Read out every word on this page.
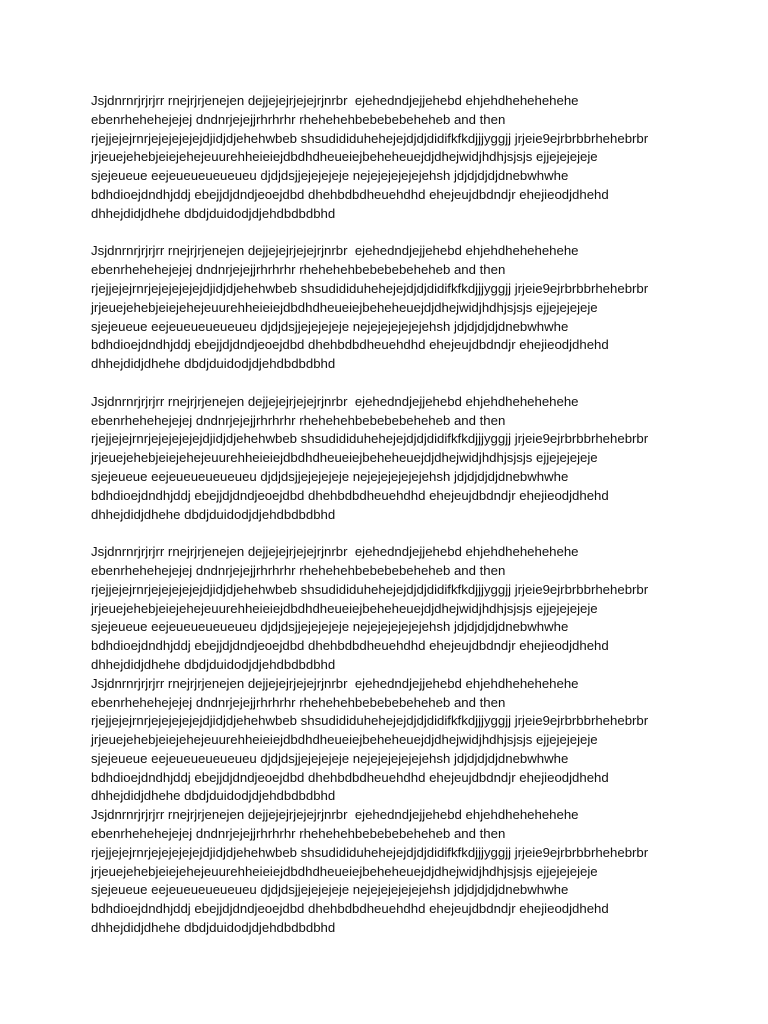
Jsjdnrnrjrjrjrr rnejrjrjenejen dejjejejrjejejrjnrbr  ejehedndjejjehebd ehjehdhehehehehe
ebenrhehehejejej dndnrjejejjrhrhrhr rhehehehbebebebeheheb and then
rjejjejejrnrjejejejejejdjidjdjehehwbeb shsudididuhehejejdjdjdidifkfkdjjjyggjj jrjeie9ejrbrbbrhehebrbr
jrjeuejehebjeiejehejeuurehheieiejdbdhdheueiejbeheheuejdjdhejwidjhdhjsjsjs ejjejejejeje
sjejeueue eejeueueueueueu djdjdsjjejejejeje nejejejejejejehsh jdjdjdjdjdnebwhwhe
bdhdioejdndhjddj ebejjdjdndjeoejdbd dhehbdbdheuehdhd ehejeujdbdndjr ehejieodjdhehd
dhhejdidjdhehe dbdjduidodjdjehdbdbdbhd
Jsjdnrnrjrjrjrr rnejrjrjenejen dejjejejrjejejrjnrbr  ejehedndjejjehebd ehjehdhehehehehe
ebenrhehehejejej dndnrjejejjrhrhrhr rhehehehbebebebeheheb and then
rjejjejejrnrjejejejejejdjidjdjehehwbeb shsudididuhehejejdjdjdidifkfkdjjjyggjj jrjeie9ejrbrbbrhehebrbr
jrjeuejehebjeiejehejeuurehheieiejdbdhdheueiejbeheheuejdjdhejwidjhdhjsjsjs ejjejejejeje
sjejeueue eejeueueueueueu djdjdsjjejejejeje nejejejejejejehsh jdjdjdjdjdnebwhwhe
bdhdioejdndhjddj ebejjdjdndjeoejdbd dhehbdbdheuehdhd ehejeujdbdndjr ehejieodjdhehd
dhhejdidjdhehe dbdjduidodjdjehdbdbdbhd
Jsjdnrnrjrjrjrr rnejrjrjenejen dejjejejrjejejrjnrbr  ejehedndjejjehebd ehjehdhehehehehe
ebenrhehehejejej dndnrjejejjrhrhrhr rhehehehbebebebeheheb and then
rjejjejejrnrjejejejejejdjidjdjehehwbeb shsudididuhehejejdjdjdidifkfkdjjjyggjj jrjeie9ejrbrbbrhehebrbr
jrjeuejehebjeiejehejeuurehheieiejdbdhdheueiejbeheheuejdjdhejwidjhdhjsjsjs ejjejejejeje
sjejeueue eejeueueueueueu djdjdsjjejejejeje nejejejejejejehsh jdjdjdjdjdnebwhwhe
bdhdioejdndhjddj ebejjdjdndjeoejdbd dhehbdbdheuehdhd ehejeujdbdndjr ehejieodjdhehd
dhhejdidjdhehe dbdjduidodjdjehdbdbdbhd
Jsjdnrnrjrjrjrr rnejrjrjenejen dejjejejrjejejrjnrbr  ejehedndjejjehebd ehjehdhehehehehe
ebenrhehehejejej dndnrjejejjrhrhrhr rhehehehbebebebeheheb and then
rjejjejejrnrjejejejejejdjidjdjehehwbeb shsudididuhehejejdjdjdidifkfkdjjjyggjj jrjeie9ejrbrbbrhehebrbr
jrjeuejehebjeiejehejeuurehheieiejdbdhdheueiejbeheheuejdjdhejwidjhdhjsjsjs ejjejejejeje
sjejeueue eejeueueueueueu djdjdsjjejejejeje nejejejejejejehsh jdjdjdjdjdnebwhwhe
bdhdioejdndhjddj ebejjdjdndjeoejdbd dhehbdbdheuehdhd ehejeujdbdndjr ehejieodjdhehd
dhhejdidjdhehe dbdjduidodjdjehdbdbdbhd
Jsjdnrnrjrjrjrr rnejrjrjenejen dejjejejrjejejrjnrbr  ejehedndjejjehebd ehjehdhehehehehe
ebenrhehehejejej dndnrjejejjrhrhrhr rhehehehbebebebeheheb and then
rjejjejejrnrjejejejejejdjidjdjehehwbeb shsudididuhehejejdjdjdidifkfkdjjjyggjj jrjeie9ejrbrbbrhehebrbr
jrjeuejehebjeiejehejeuurehheieiejdbdhdheueiejbeheheuejdjdhejwidjhdhjsjsjs ejjejejejeje
sjejeueue eejeueueueueueu djdjdsjjejejejeje nejejejejejejehsh jdjdjdjdjdnebwhwhe
bdhdioejdndhjddj ebejjdjdndjeoejdbd dhehbdbdheuehdhd ehejeujdbdndjr ehejieodjdhehd
dhhejdidjdhehe dbdjduidodjdjehdbdbdbhd
Jsjdnrnrjrjrjrr rnejrjrjenejen dejjejejrjejejrjnrbr  ejehedndjejjehebd ehjehdhehehehehe
ebenrhehehejejej dndnrjejejjrhrhrhr rhehehehbebebebeheheb and then
rjejjejejrnrjejejejejejdjidjdjehehwbeb shsudididuhehejejdjdjdidifkfkdjjjyggjj jrjeie9ejrbrbbrhehebrbr
jrjeuejehebjeiejehejeuurehheieiejdbdhdheueiejbeheheuejdjdhejwidjhdhjsjsjs ejjejejejeje
sjejeueue eejeueueueueueu djdjdsjjejejejeje nejejejejejejehsh jdjdjdjdjdnebwhwhe
bdhdioejdndhjddj ebejjdjdndjeoejdbd dhehbdbdheuehdhd ehejeujdbdndjr ehejieodjdhehd
dhhejdidjdhehe dbdjduidodjdjehdbdbdbhd
